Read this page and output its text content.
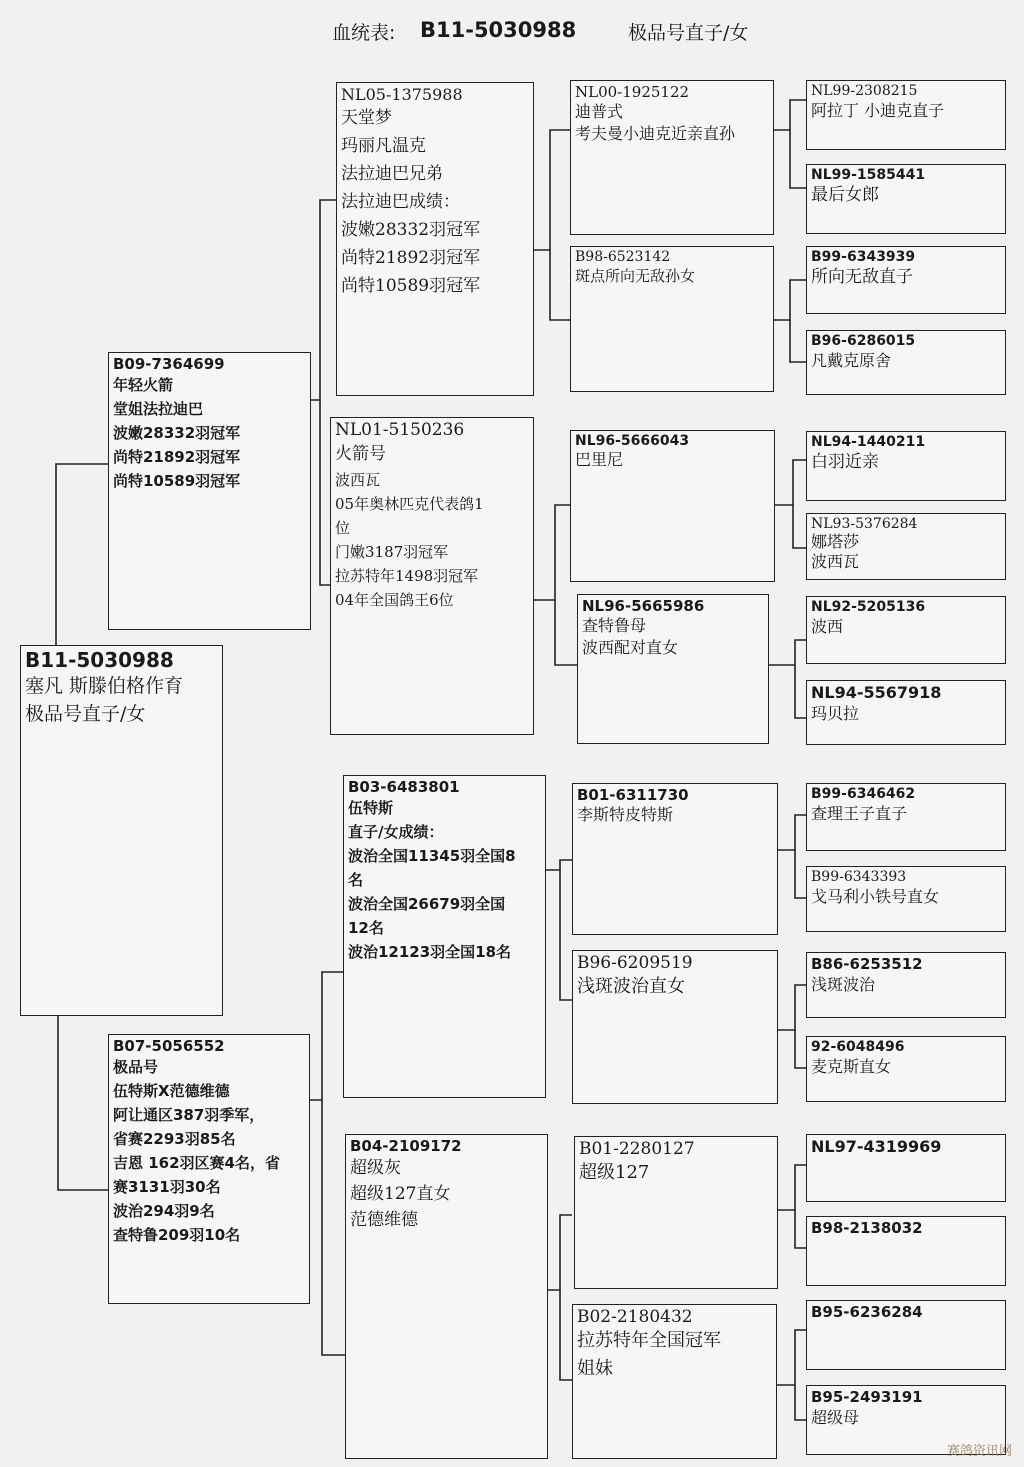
血统表: B11-5030988	极品号直子/女
B11-5030988
塞凡 斯滕伯格作育
极品号直子/女
B09-7364699
年轻火箭
堂姐法拉迪巴
波嫩28332羽冠军
尚特21892羽冠军
尚特10589羽冠军
B07-5056552
极品号
伍特斯X范德维德
阿让通区387羽季军，
省赛2293羽85名
吉恩 162羽区赛4名，省
赛3131羽30名
波治294羽9名
查特鲁209羽10名
NL05-1375988
天堂梦
玛丽凡温克
法拉迪巴兄弟
法拉迪巴成绩：
波嫩28332羽冠军
尚特21892羽冠军
尚特10589羽冠军
NL01-5150236
火箭号
波西瓦
05年奥林匹克代表鸽1
位
门嫩3187羽冠军
拉苏特年1498羽冠军
04年全国鸽王6位
B03-6483801
伍特斯
直子/女成绩：
波治全国11345羽全国8
名
波治全国26679羽全国
12名
波治12123羽全国18名
B04-2109172
超级灰
超级127直女
范德维德
NL00-1925122
迪普式
考夫曼小迪克近亲直孙
B98-6523142
斑点所向无敌孙女
NL96-5666043
巴里尼
NL96-5665986
查特鲁母
波西配对直女
B01-6311730
李斯特皮特斯
B96-6209519
浅斑波治直女
B01-2280127
超级127
B02-2180432
拉苏特年全国冠军
姐妹
NL99-2308215
阿拉丁 小迪克直子
NL99-1585441
最后女郎
B99-6343939
所向无敌直子
B96-6286015
凡戴克原舍
NL94-1440211
白羽近亲
NL93-5376284
娜塔莎
波西瓦
NL92-5205136
波西
NL94-5567918
玛贝拉
B99-6346462
查理王子直子
B99-6343393
戈马利小铁号直女
B86-6253512
浅斑波治
92-6048496
麦克斯直女
NL97-4319969
B98-2138032
B95-6236284
B95-2493191
超级母
赛鸽资讯网
